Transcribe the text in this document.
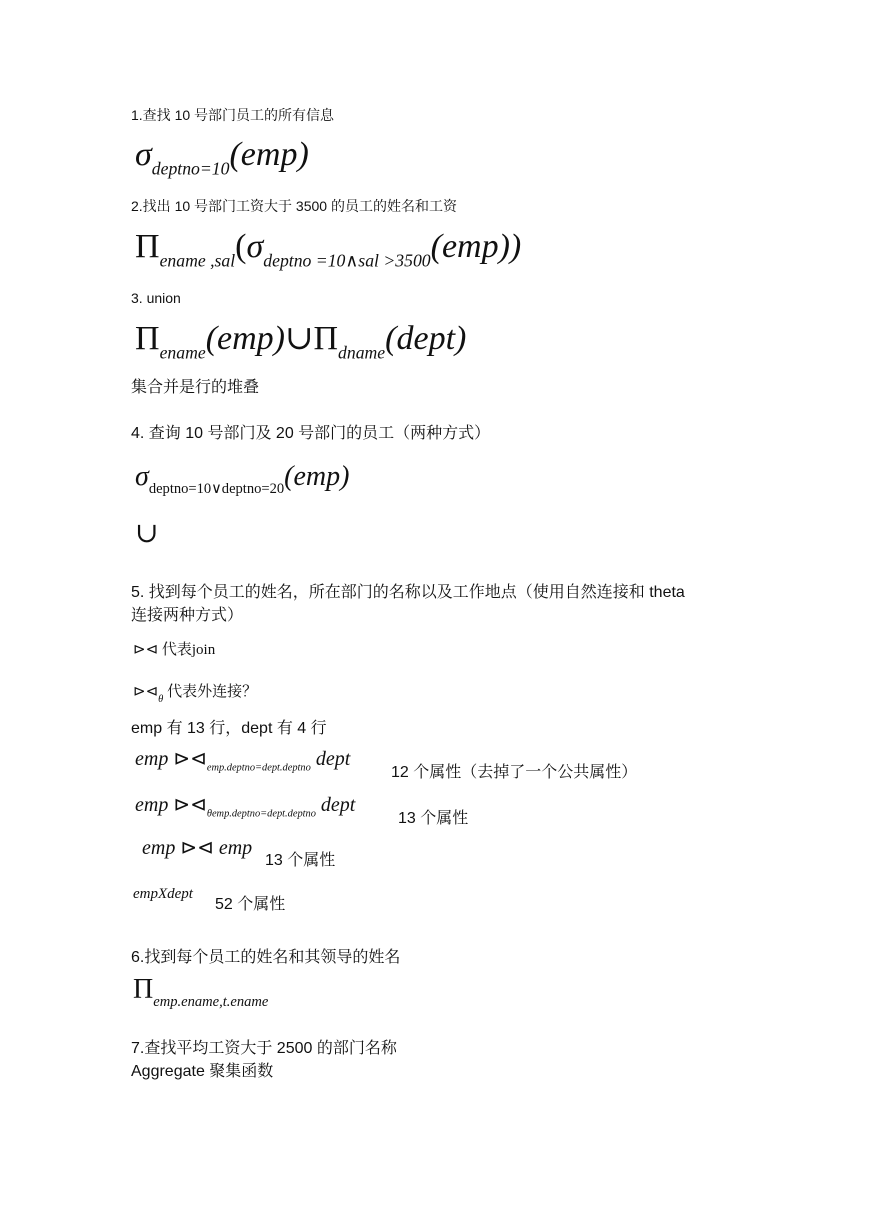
1.查找 10 号部门员工的所有信息
$\sigma_{deptno=10}(emp)$
2.找出 10 号部门工资大于 3500 的员工的姓名和工资
$\Pi_{ename ,sal}(\sigma_{deptno =10\wedge sal >3500}(emp))$
3. union
$\Pi_{ename}(emp)\cup\Pi_{dname}(dept)$
集合并是行的堆叠
4. 查询 10 号部门及 20 号部门的员工（两种方式）
$\sigma_{deptno=10\vee deptno=20}(emp)$
∪
5. 找到每个员工的姓名，所在部门的名称以及工作地点（使用自然连接和 theta
连接两种方式）
⊳⊲ 代表join
$⊳⊲_\theta$ 代表外连接？
emp 有 13 行，dept 有 4 行
emp $⊳⊲_{emp.deptno=dept.deptno}$ dept
12 个属性（去掉了一个公共属性）
emp $⊳⊲_{\theta emp.deptno=dept.deptno}$ dept
13 个属性
emp ⊳⊲ emp
13 个属性
empXdept
52 个属性
6.找到每个员工的姓名和其领导的姓名
$\Pi_{emp.ename,t.ename}$
7.查找平均工资大于 2500 的部门名称
Aggregate 聚集函数
